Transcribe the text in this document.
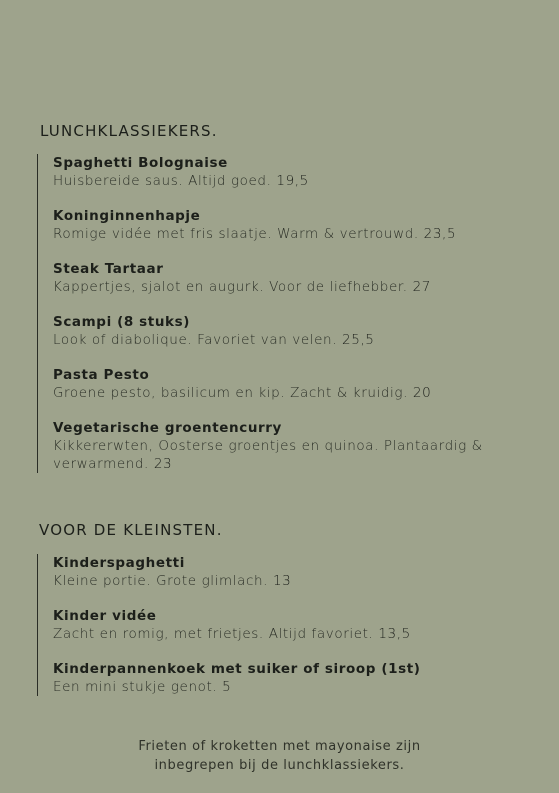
LUNCHKLASSIEKERS.
Spaghetti Bolognaise
Huisbereide saus. Altijd goed. 19,5
Koninginnenhapje
Romige vidée met fris slaatje. Warm & vertrouwd. 23,5
Steak Tartaar
Kappertjes, sjalot en augurk. Voor de liefhebber. 27
Scampi (8 stuks)
Look of diabolique. Favoriet van velen. 25,5
Pasta Pesto
Groene pesto, basilicum en kip. Zacht & kruidig. 20
Vegetarische groentencurry
Kikkererwten, Oosterse groentjes en quinoa. Plantaardig & verwarmend. 23
VOOR DE KLEINSTEN.
Kinderspaghetti
Kleine portie. Grote glimlach. 13
Kinder vidée
Zacht en romig, met frietjes. Altijd favoriet. 13,5
Kinderpannenkoek met suiker of siroop (1st)
Een mini stukje genot. 5
Frieten of kroketten met mayonaise zijn
inbegrepen bij de lunchklassiekers.
